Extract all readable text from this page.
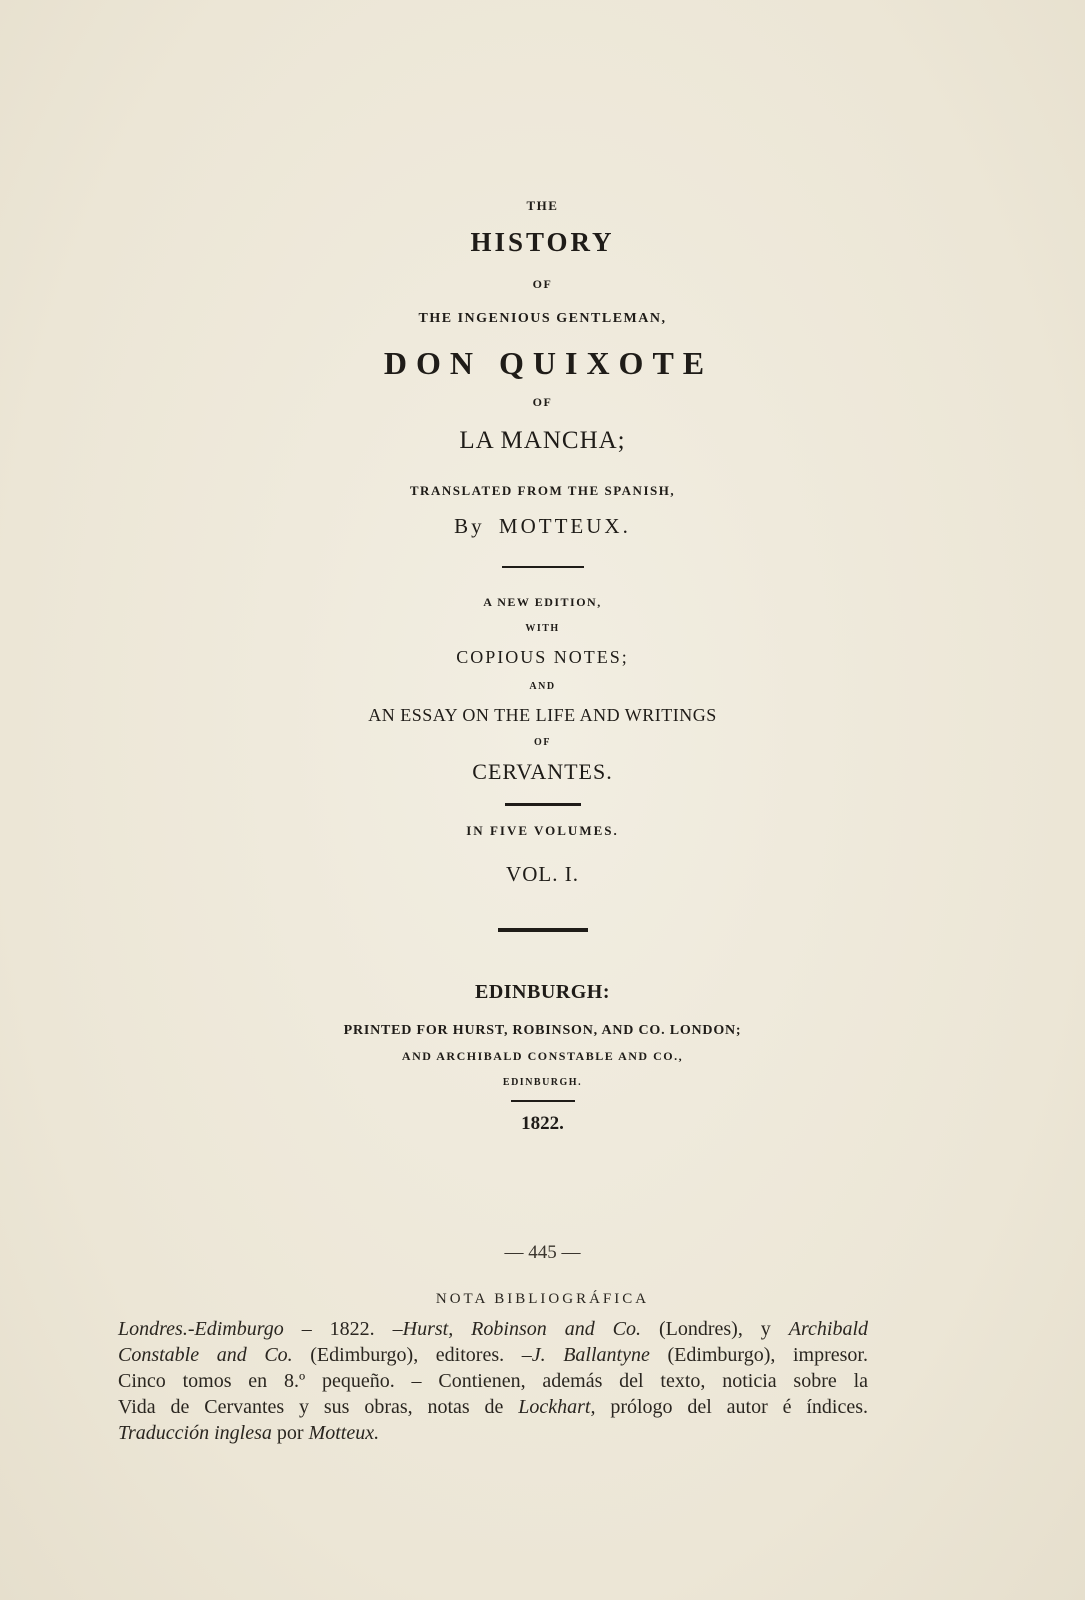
THE
HISTORY
OF
THE INGENIOUS GENTLEMAN,
DON QUIXOTE
OF
LA MANCHA;
TRANSLATED FROM THE SPANISH,
By MOTTEUX.
A NEW EDITION,
WITH
COPIOUS NOTES;
AND
AN ESSAY ON THE LIFE AND WRITINGS
OF
CERVANTES.
IN FIVE VOLUMES.
VOL. I.
EDINBURGH:
PRINTED FOR HURST, ROBINSON, AND CO. LONDON;
AND ARCHIBALD CONSTABLE AND CO.,
EDINBURGH.
1822.
— 445 —
NOTA BIBLIOGRÁFICA
Londres.-Edimburgo – 1822. –Hurst, Robinson and Co. (Londres), y Archibald
Constable and Co. (Edimburgo), editores. –J. Ballantyne (Edimburgo), impresor.
Cinco tomos en 8.º pequeño. – Contienen, además del texto, noticia sobre la
Vida de Cervantes y sus obras, notas de Lockhart, prólogo del autor é índices.
Traducción inglesa por Motteux.
